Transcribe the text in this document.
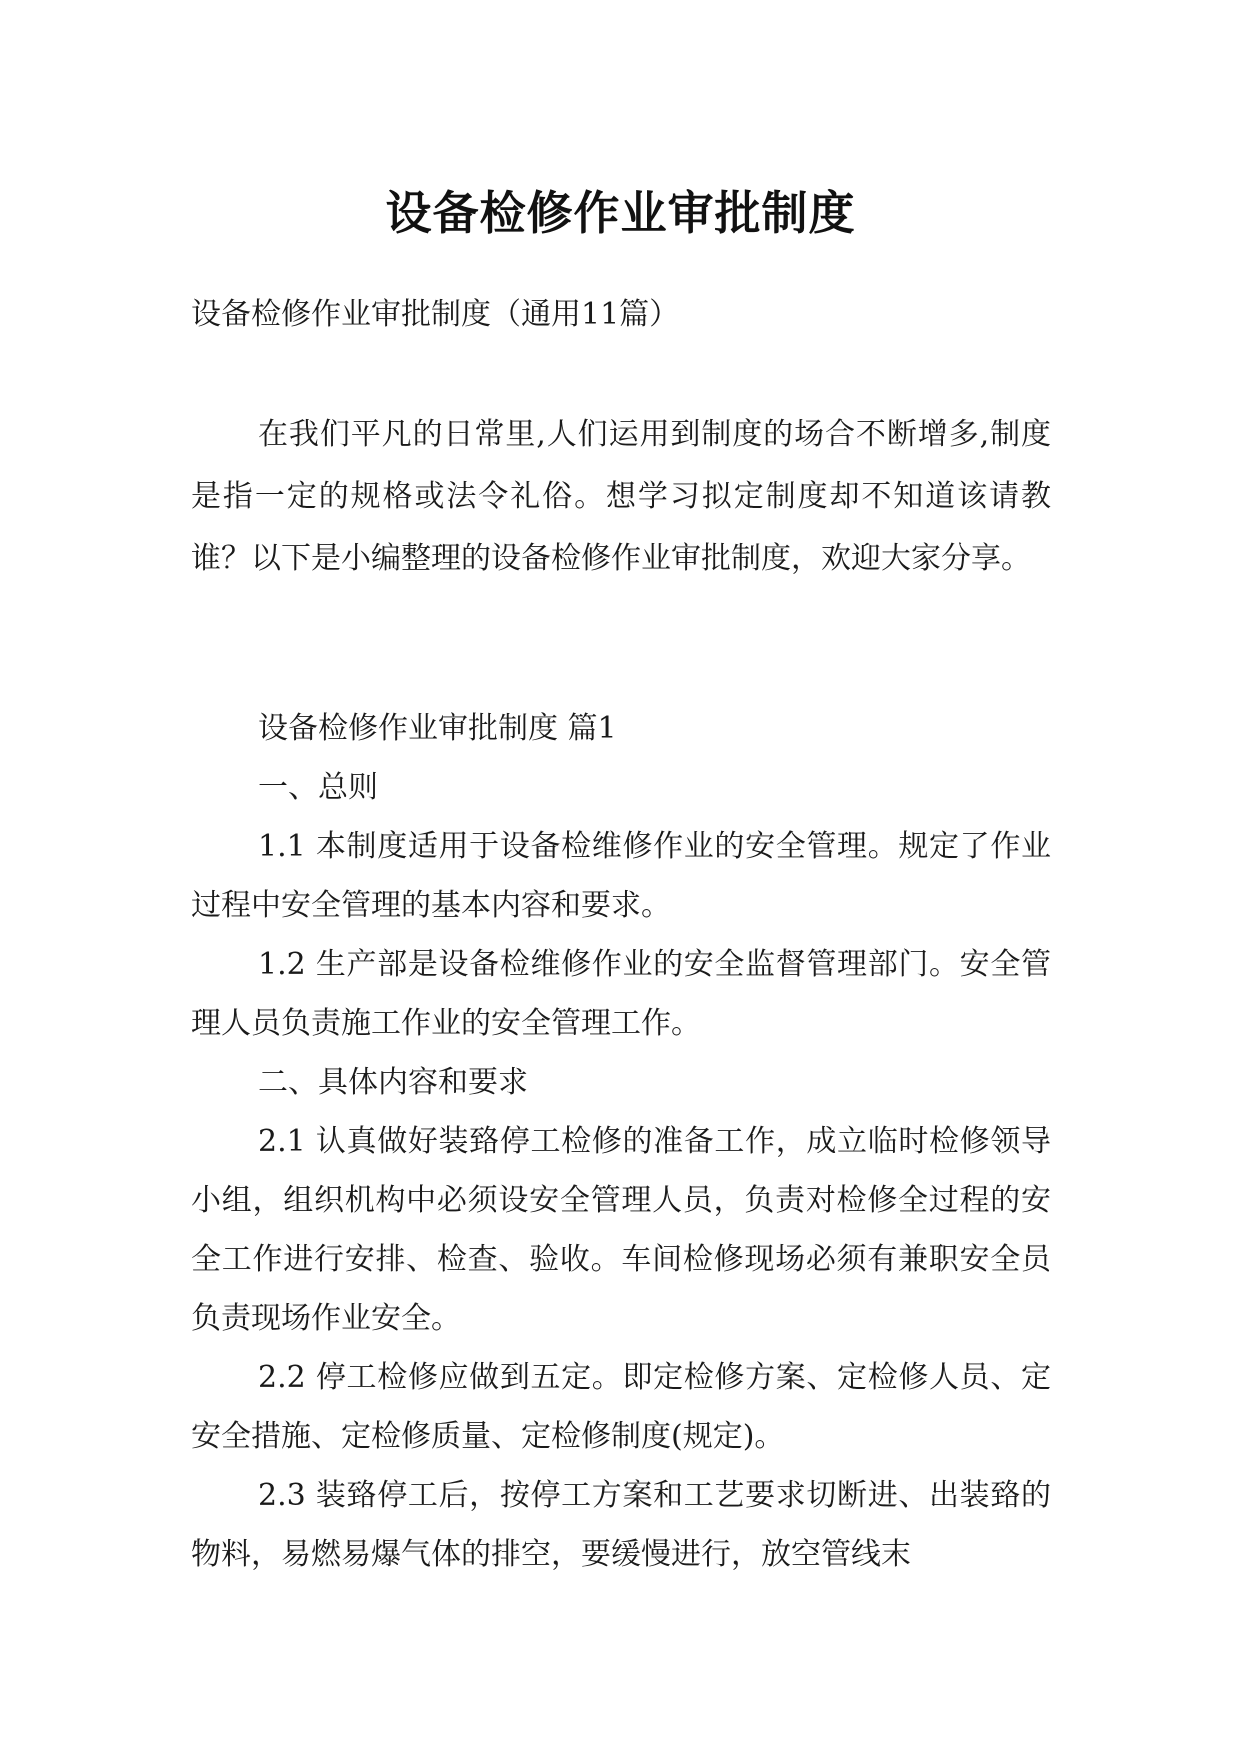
设备检修作业审批制度
设备检修作业审批制度（通用11篇）

在我们平凡的日常里,人们运用到制度的场合不断增多,制度是指一定的规格或法令礼俗。想学习拟定制度却不知道该请教谁？以下是小编整理的设备检修作业审批制度，欢迎大家分享。

设备检修作业审批制度 篇1

一、总则

1.1 本制度适用于设备检维修作业的安全管理。规定了作业过程中安全管理的基本内容和要求。

1.2 生产部是设备检维修作业的安全监督管理部门。安全管理人员负责施工作业的安全管理工作。

二、具体内容和要求

2.1 认真做好装臵停工检修的准备工作，成立临时检修领导小组，组织机构中必须设安全管理人员，负责对检修全过程的安全工作进行安排、检查、验收。车间检修现场必须有兼职安全员负责现场作业安全。

2.2 停工检修应做到五定。即定检修方案、定检修人员、定安全措施、定检修质量、定检修制度(规定)。

2.3 装臵停工后，按停工方案和工艺要求切断进、出装臵的物料，易燃易爆气体的排空，要缓慢进行，放空管线末
